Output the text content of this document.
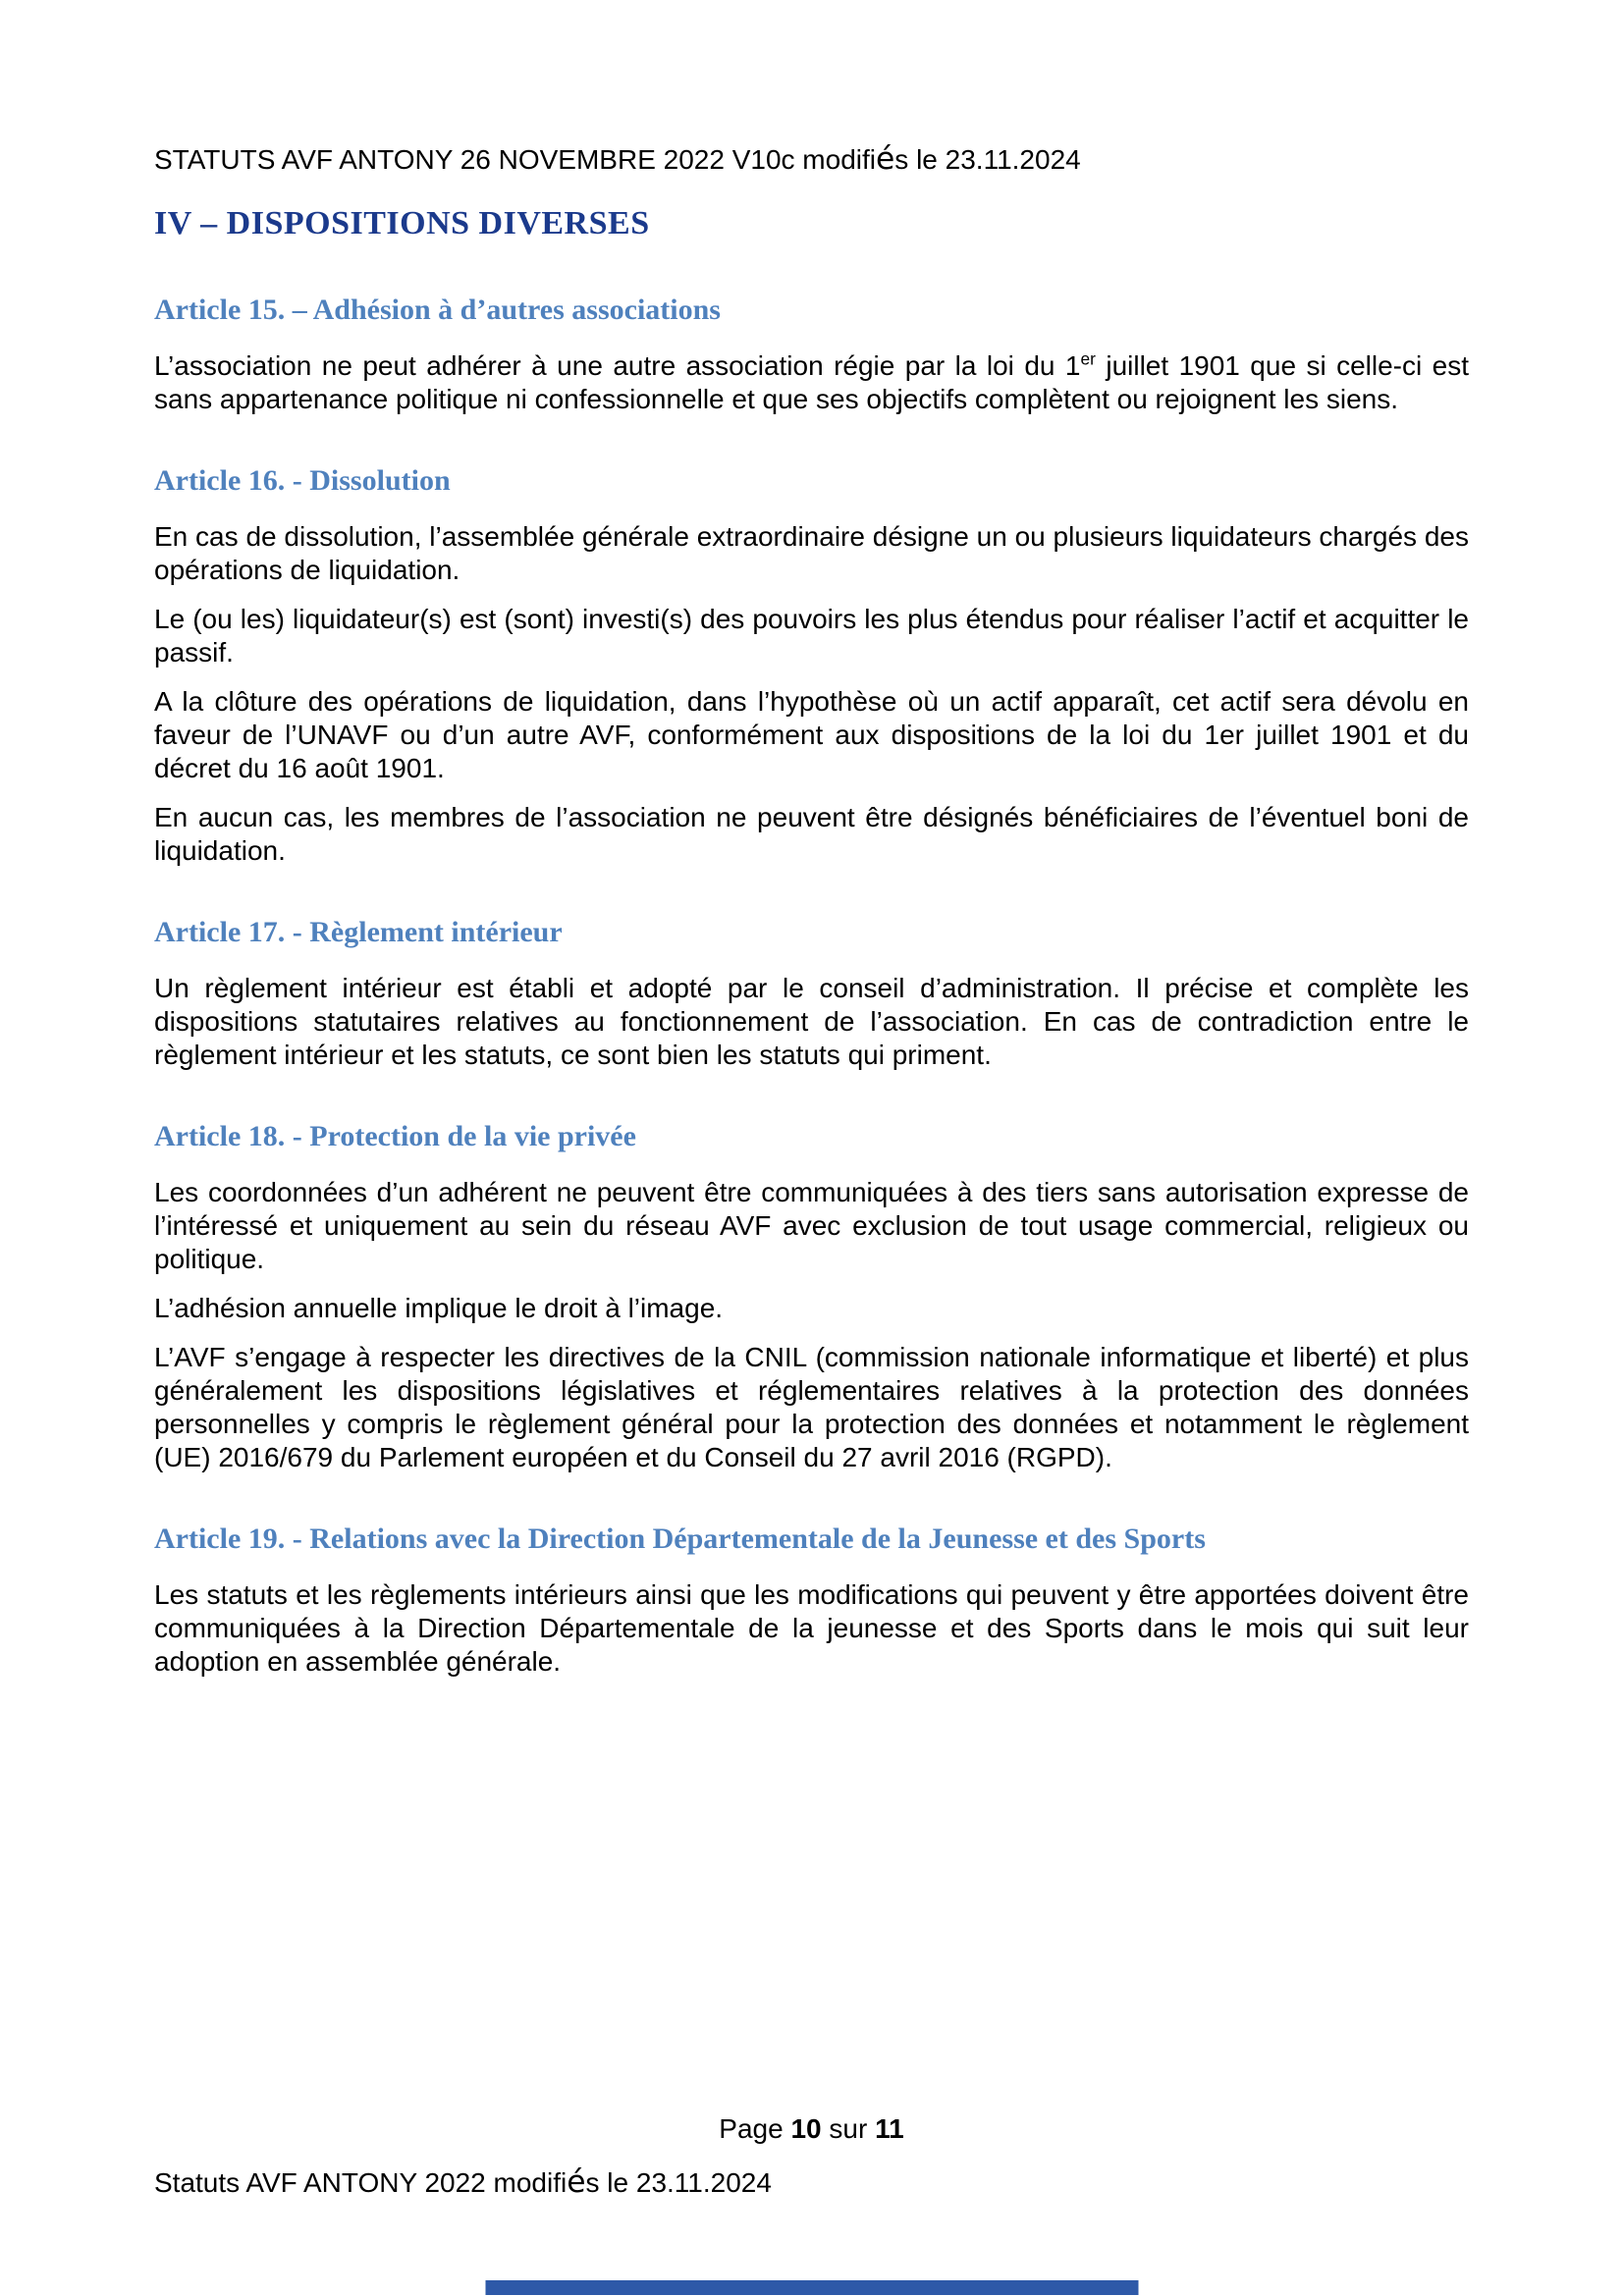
STATUTS AVF ANTONY 26 NOVEMBRE 2022 V10c modifiés le 23.11.2024
IV – DISPOSITIONS DIVERSES
Article 15. – Adhésion à d’autres associations

L’association ne peut adhérer à une autre association régie par la loi du 1er juillet 1901 que si celle-ci est sans appartenance politique ni confessionnelle et que ses objectifs complètent ou rejoignent les siens.

Article 16. - Dissolution

En cas de dissolution, l’assemblée générale extraordinaire désigne un ou plusieurs liquidateurs chargés des opérations de liquidation.

Le (ou les) liquidateur(s) est (sont) investi(s) des pouvoirs les plus étendus pour réaliser l’actif et acquitter le passif.

A la clôture des opérations de liquidation, dans l’hypothèse où un actif apparaît, cet actif sera dévolu en faveur de l’UNAVF ou d’un autre AVF, conformément aux dispositions de la loi du 1er juillet 1901 et du décret du 16 août 1901.

En aucun cas, les membres de l’association ne peuvent être désignés bénéficiaires de l’éventuel boni de liquidation.

Article 17. - Règlement intérieur

Un règlement intérieur est établi et adopté par le conseil d’administration. Il précise et complète les dispositions statutaires relatives au fonctionnement de l’association. En cas de contradiction entre le règlement intérieur et les statuts, ce sont bien les statuts qui priment.

Article 18. - Protection de la vie privée

Les coordonnées d’un adhérent ne peuvent être communiquées à des tiers sans autorisation expresse de l’intéressé et uniquement au sein du réseau AVF avec exclusion de tout usage commercial, religieux ou politique.

L’adhésion annuelle implique le droit à l’image.

L’AVF s’engage à respecter les directives de la CNIL (commission nationale informatique et liberté) et plus généralement les dispositions législatives et réglementaires relatives à la protection des données personnelles y compris le règlement général pour la protection des données et notamment le règlement (UE) 2016/679 du Parlement européen et du Conseil du 27 avril 2016 (RGPD).

Article 19. - Relations avec la Direction Départementale de la Jeunesse et des Sports

Les statuts et les règlements intérieurs ainsi que les modifications qui peuvent y être apportées doivent être communiquées à la Direction Départementale de la jeunesse et des Sports dans le mois qui suit leur adoption en assemblée générale.

Page 10 sur 11
Statuts AVF ANTONY 2022 modifiés le 23.11.2024
